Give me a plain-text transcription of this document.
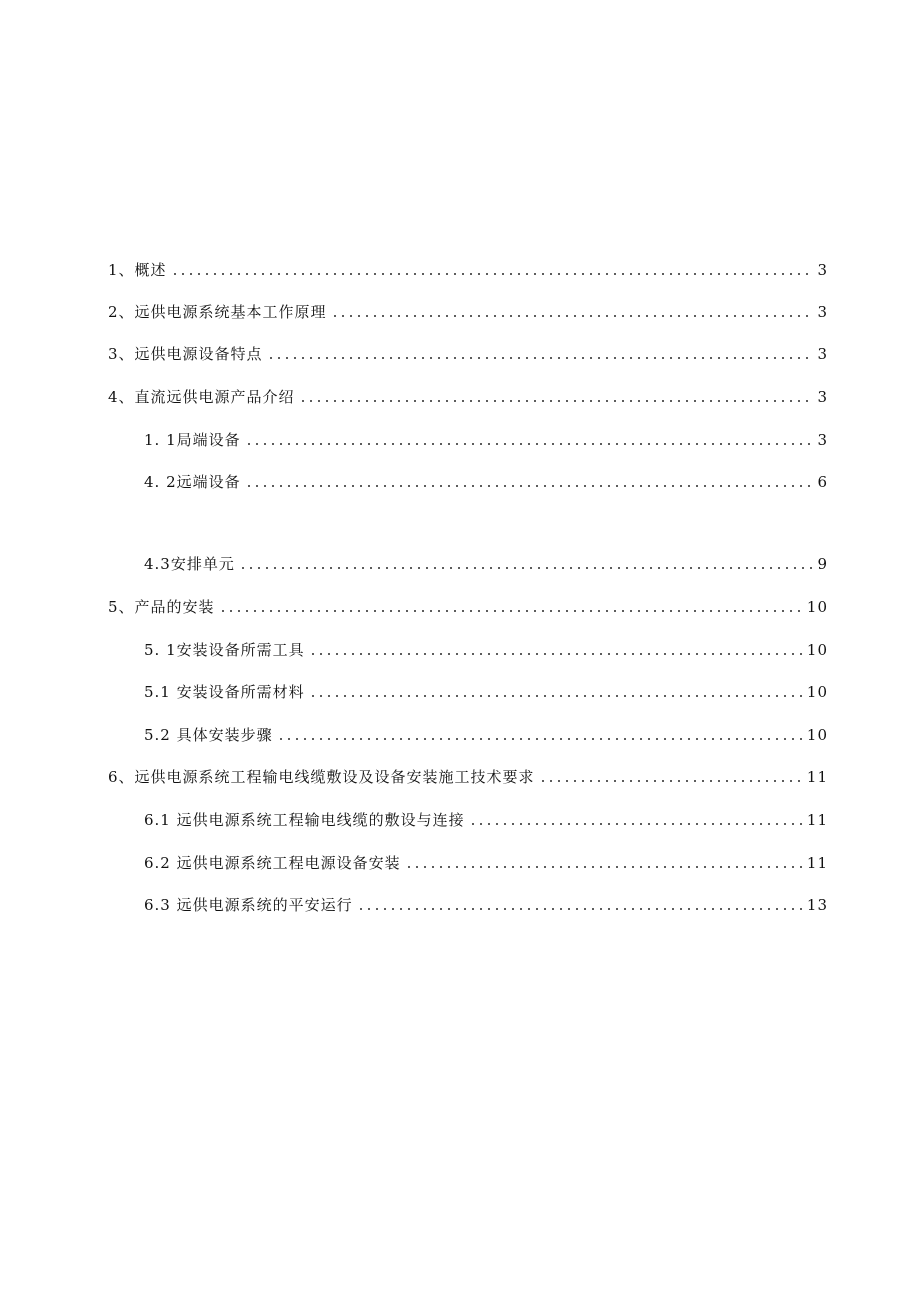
1、概述	3
2、远供电源系统基本工作原理	3
3、远供电源设备特点	3
4、直流远供电源产品介绍	3
1. 1局端设备	3
4. 2远端设备	6
4.3安排单元	9
5、产品的安装	10
5. 1安装设备所需工具	10
5.1 安装设备所需材料	10
5.2 具体安装步骤	10
6、远供电源系统工程输电线缆敷设及设备安装施工技术要求	11
6.1 远供电源系统工程输电线缆的敷设与连接	11
6.2 远供电源系统工程电源设备安装	11
6.3 远供电源系统的平安运行	13
